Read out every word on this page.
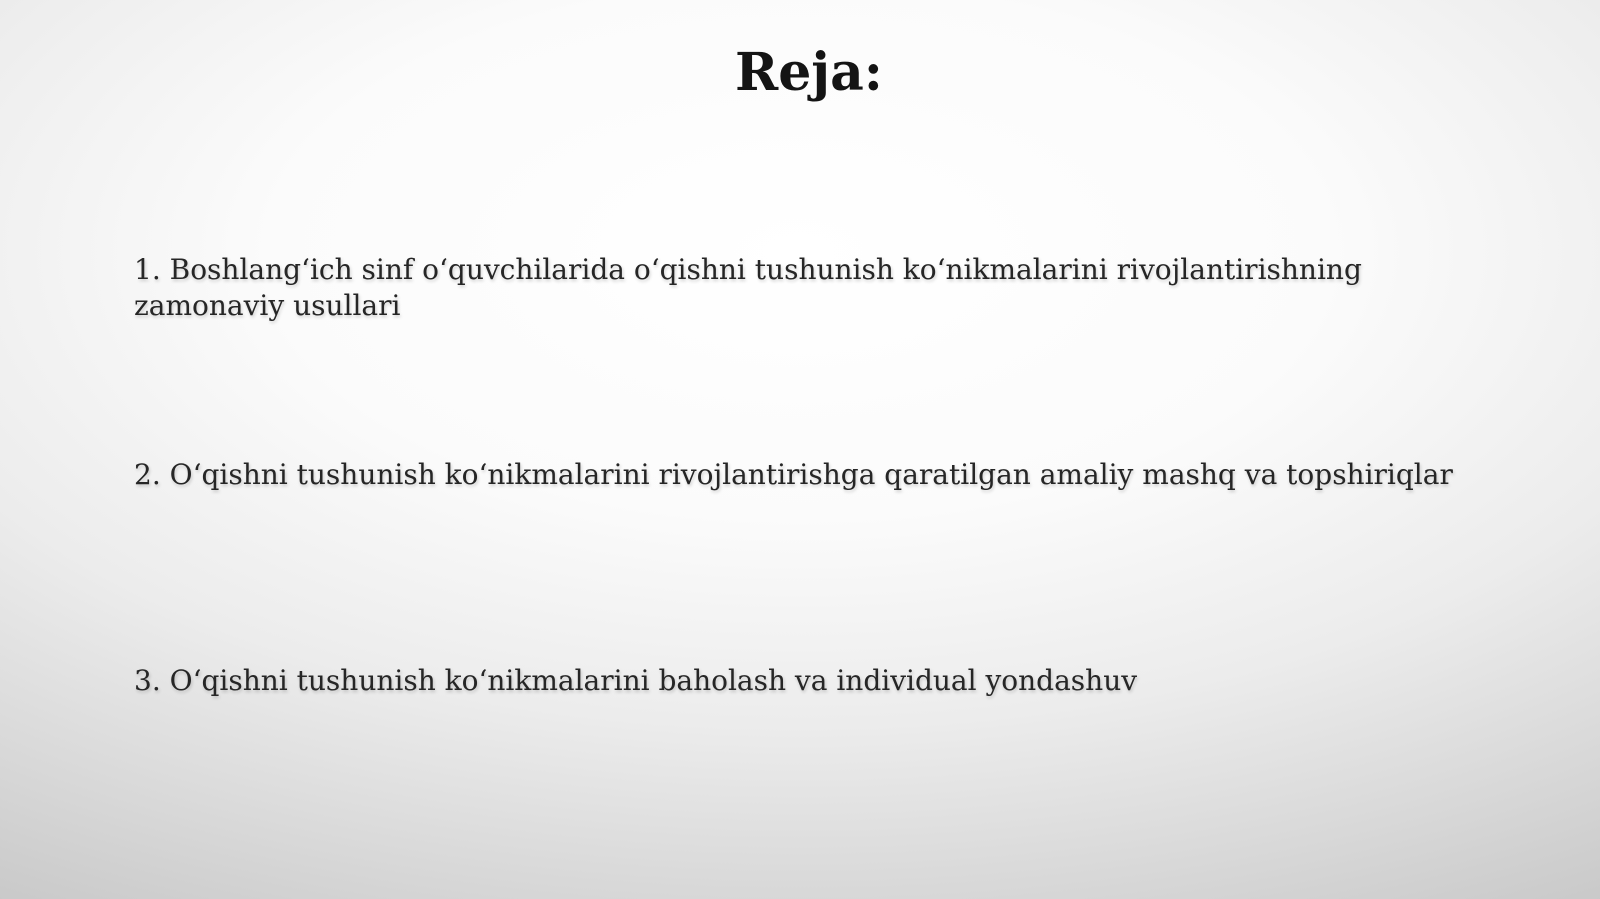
Reja:

1. Boshlang‘ich sinf o‘quvchilarida o‘qishni tushunish ko‘nikmalarini rivojlantirishning zamonaviy usullari

2. O‘qishni tushunish ko‘nikmalarini rivojlantirishga qaratilgan amaliy mashq va topshiriqlar

3. O‘qishni tushunish ko‘nikmalarini baholash va individual yondashuv
